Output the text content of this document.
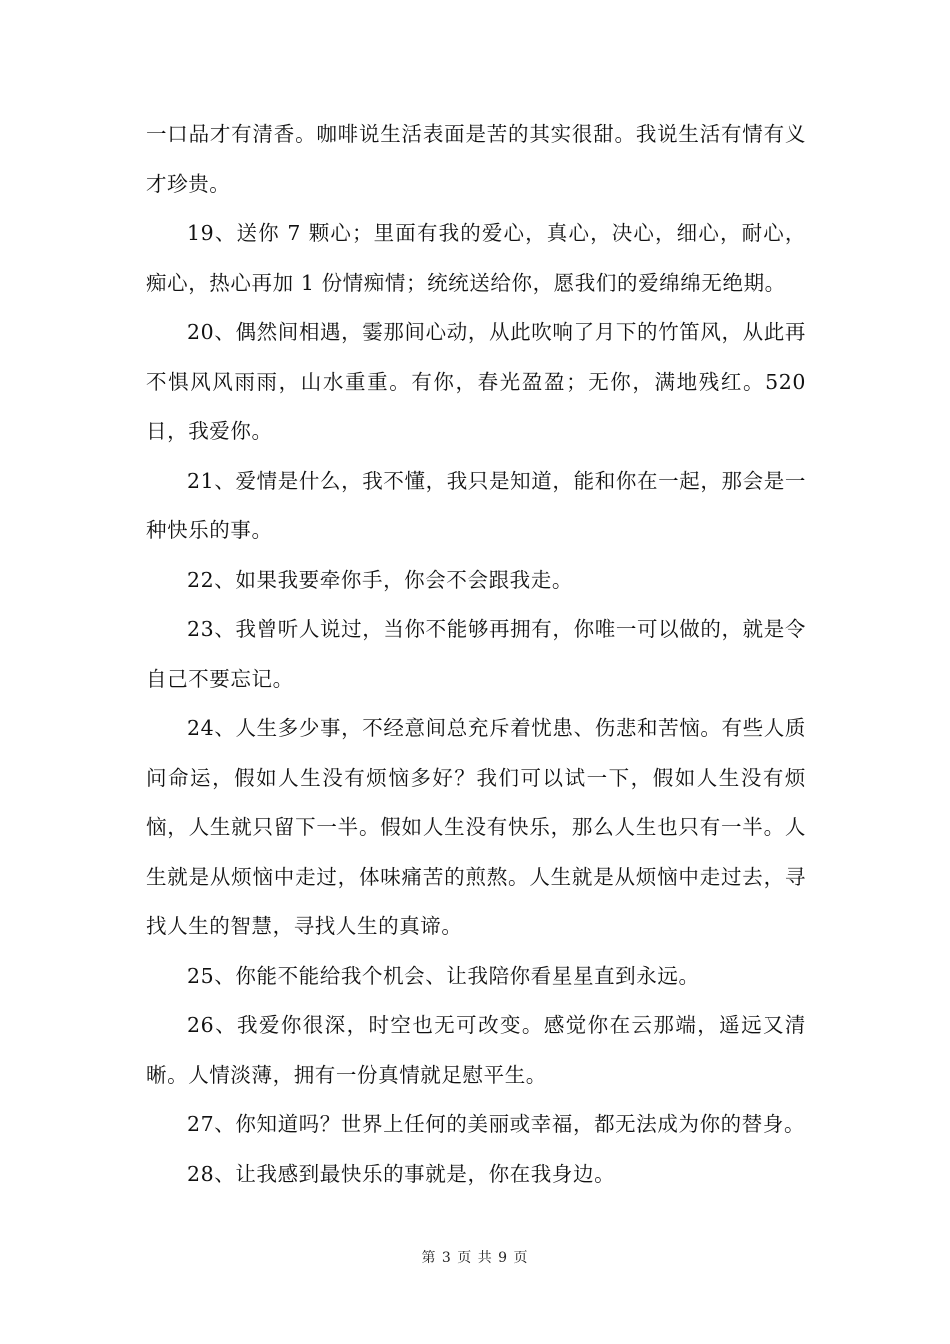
一口品才有清香。咖啡说生活表面是苦的其实很甜。我说生活有情有义才珍贵。

19、送你 7 颗心；里面有我的爱心，真心，决心，细心，耐心，痴心，热心再加 1 份情痴情；统统送给你，愿我们的爱绵绵无绝期。

20、偶然间相遇，霎那间心动，从此吹响了月下的竹笛风，从此再不惧风风雨雨，山水重重。有你，春光盈盈；无你，满地残红。520 日，我爱你。

21、爱情是什么，我不懂，我只是知道，能和你在一起，那会是一种快乐的事。

22、如果我要牵你手，你会不会跟我走。

23、我曾听人说过，当你不能够再拥有，你唯一可以做的，就是令自己不要忘记。

24、人生多少事，不经意间总充斥着忧患、伤悲和苦恼。有些人质问命运，假如人生没有烦恼多好？我们可以试一下，假如人生没有烦恼，人生就只留下一半。假如人生没有快乐，那么人生也只有一半。人生就是从烦恼中走过，体味痛苦的煎熬。人生就是从烦恼中走过去，寻找人生的智慧，寻找人生的真谛。

25、你能不能给我个机会、让我陪你看星星直到永远。

26、我爱你很深，时空也无可改变。感觉你在云那端，遥远又清晰。人情淡薄，拥有一份真情就足慰平生。

27、你知道吗？世界上任何的美丽或幸福，都无法成为你的替身。

28、让我感到最快乐的事就是，你在我身边。

第 3 页 共 9 页
